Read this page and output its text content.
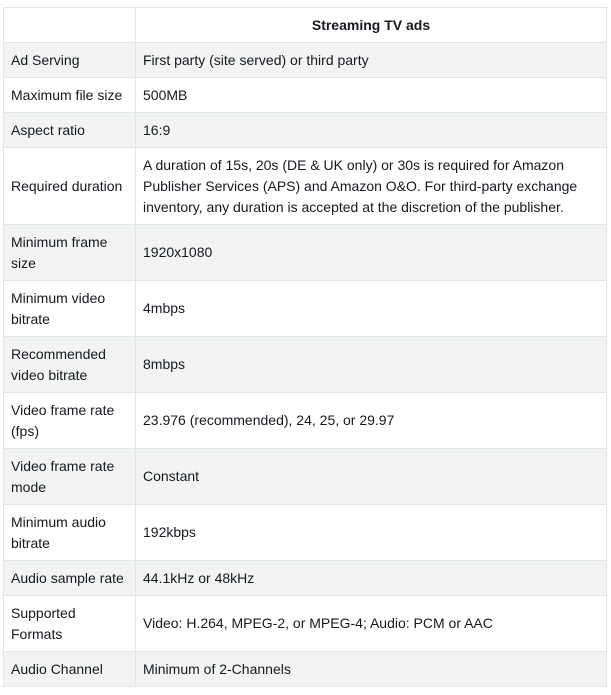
	Streaming TV ads
Ad Serving	First party (site served) or third party
Maximum file size	500MB
Aspect ratio	16:9
Required duration	A duration of 15s, 20s (DE & UK only) or 30s is required for Amazon Publisher Services (APS) and Amazon O&O. For third-party exchange inventory, any duration is accepted at the discretion of the publisher.
Minimum frame size	1920x1080
Minimum video bitrate	4mbps
Recommended video bitrate	8mbps
Video frame rate (fps)	23.976 (recommended), 24, 25, or 29.97
Video frame rate mode	Constant
Minimum audio bitrate	192kbps
Audio sample rate	44.1kHz or 48kHz
Supported Formats	Video: H.264, MPEG-2, or MPEG-4; Audio: PCM or AAC
Audio Channel	Minimum of 2-Channels
